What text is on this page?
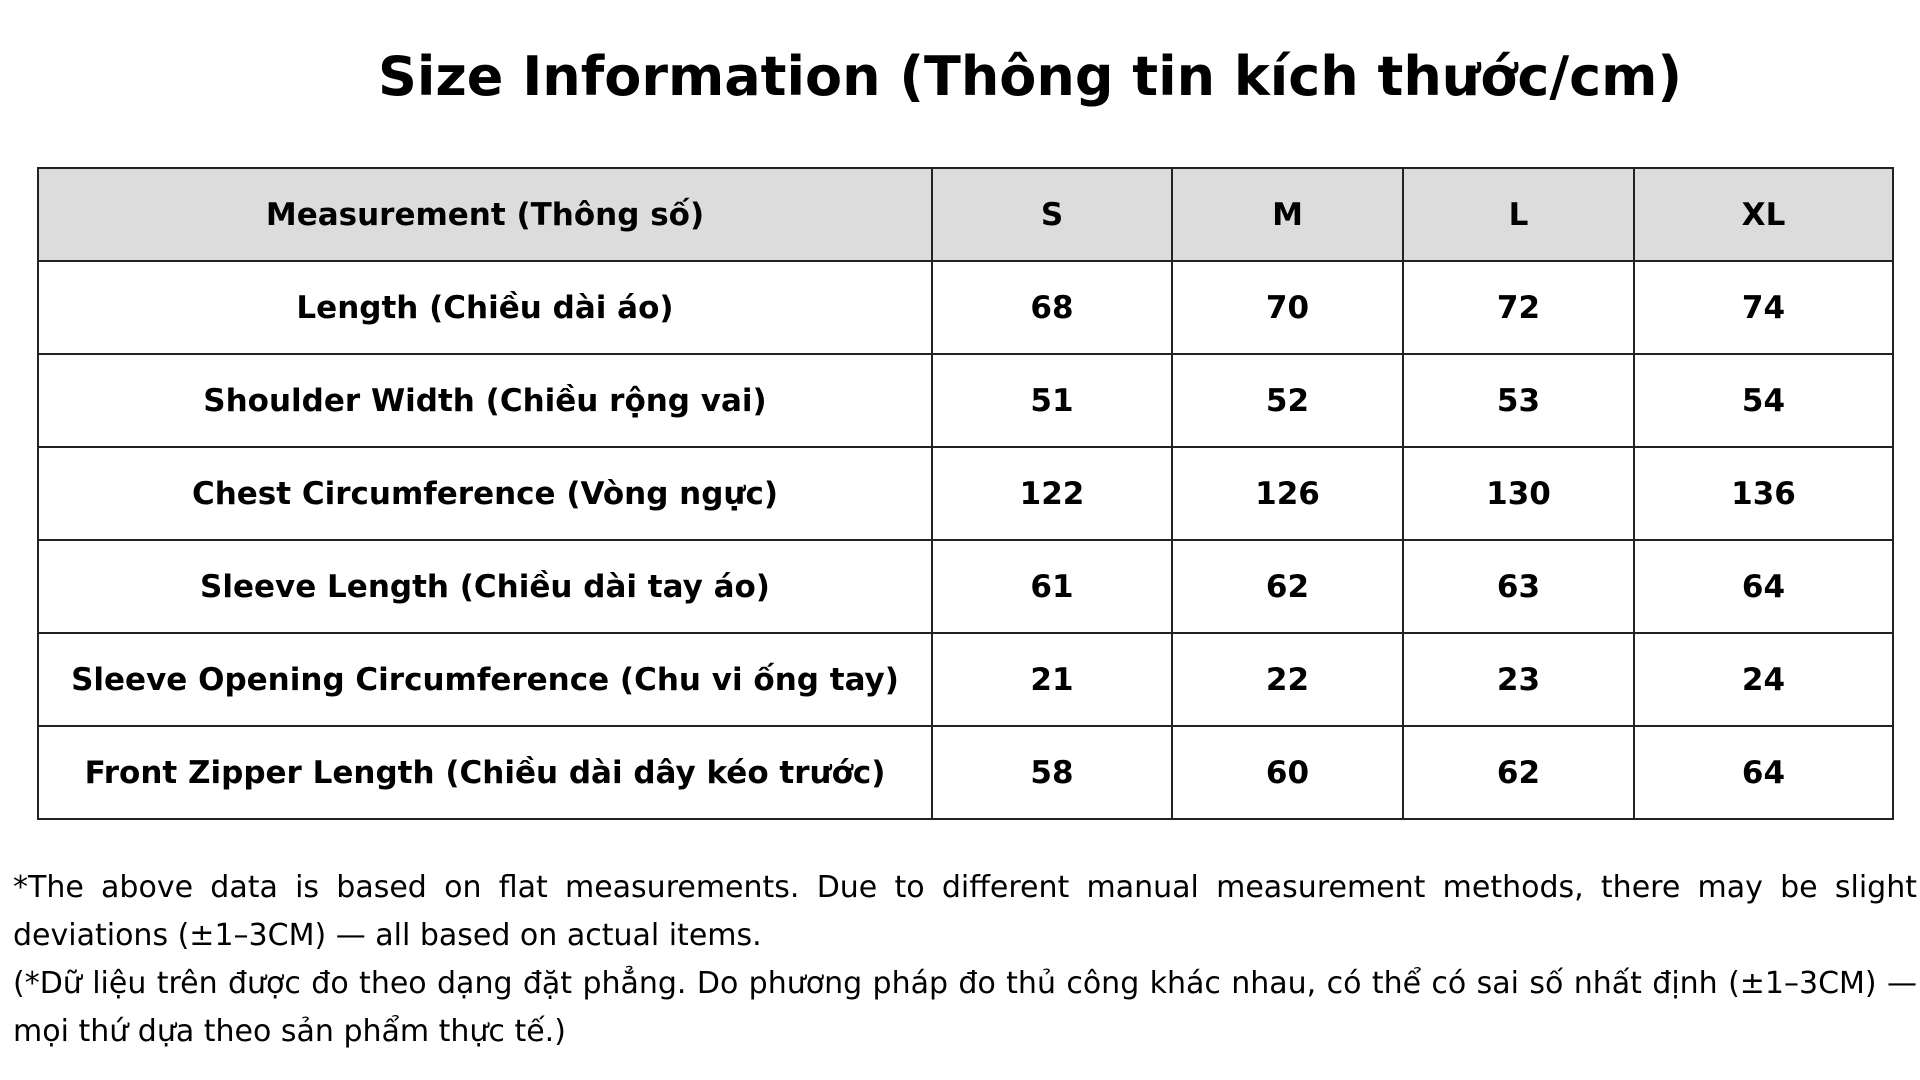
Size Information (Thông tin kích thước/cm)
Measurement (Thông số)	S	M	L	XL
Length (Chiều dài áo)	68	70	72	74
Shoulder Width (Chiều rộng vai)	51	52	53	54
Chest Circumference (Vòng ngực)	122	126	130	136
Sleeve Length (Chiều dài tay áo)	61	62	63	64
Sleeve Opening Circumference (Chu vi ống tay)	21	22	23	24
Front Zipper Length (Chiều dài dây kéo trước)	58	60	62	64

*The above data is based on flat measurements. Due to different manual measurement methods, there may be slight deviations (±1–3CM) — all based on actual items.

(*Dữ liệu trên được đo theo dạng đặt phẳng. Do phương pháp đo thủ công khác nhau, có thể có sai số nhất định (±1–3CM) — mọi thứ dựa theo sản phẩm thực tế.)
